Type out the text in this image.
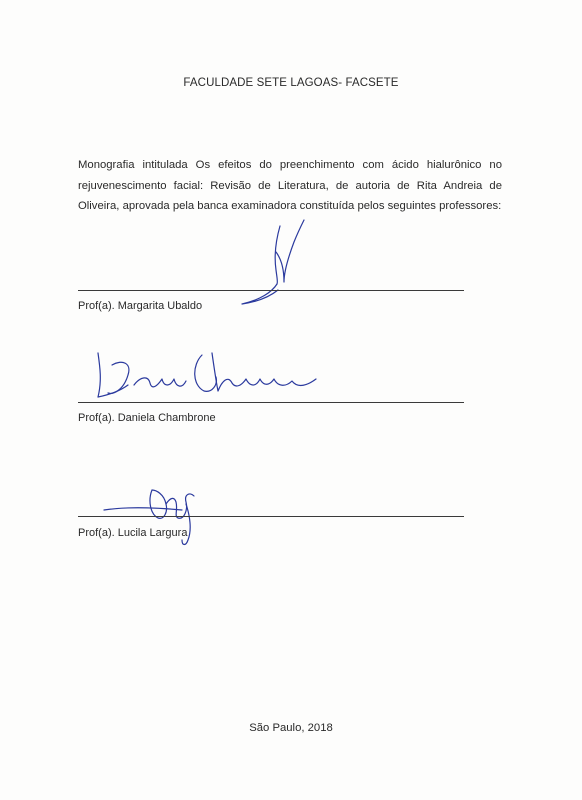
FACULDADE SETE LAGOAS- FACSETE

Monografia intitulada Os efeitos do preenchimento com ácido hialurônico no rejuvenescimento facial: Revisão de Literatura, de autoria de Rita Andreia de Oliveira, aprovada pela banca examinadora constituída pelos seguintes professores:

Prof(a). Margarita Ubaldo
Prof(a). Daniela Chambrone
Prof(a). Lucila Largura
São Paulo, 2018
